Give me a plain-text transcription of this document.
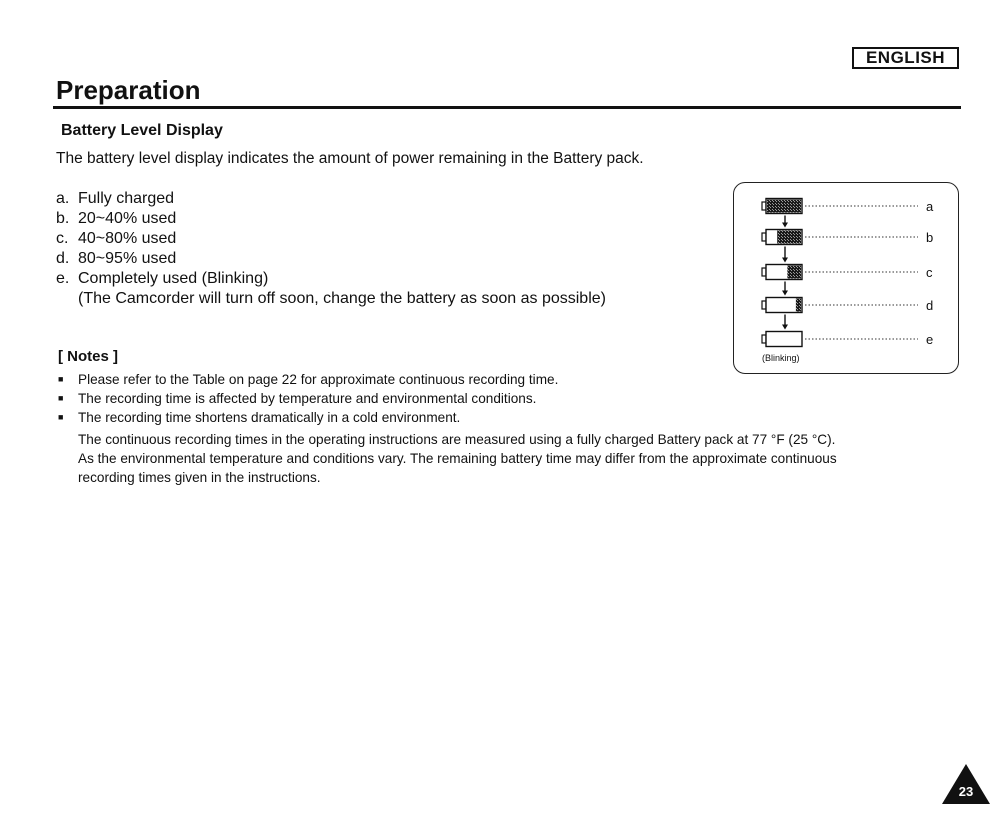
ENGLISH
Preparation
Battery Level Display

The battery level display indicates the amount of power remaining in the Battery pack.

a. Fully charged
b. 20~40% used
c. 40~80% used
d. 80~95% used
e. Completely used (Blinking)
(The Camcorder will turn off soon, change the battery as soon as possible)
[ Notes ]
■	Please refer to the Table on page 22 for approximate continuous recording time.
■	The recording time is affected by temperature and environmental conditions.
■	The recording time shortens dramatically in a cold environment.

The continuous recording times in the operating instructions are measured using a fully charged Battery pack at 77 °F (25 °C).

As the environmental temperature and conditions vary. The remaining battery time may differ from the approximate continuous

recording times given in the instructions.

a
b
c
d
e
(Blinking)
23
